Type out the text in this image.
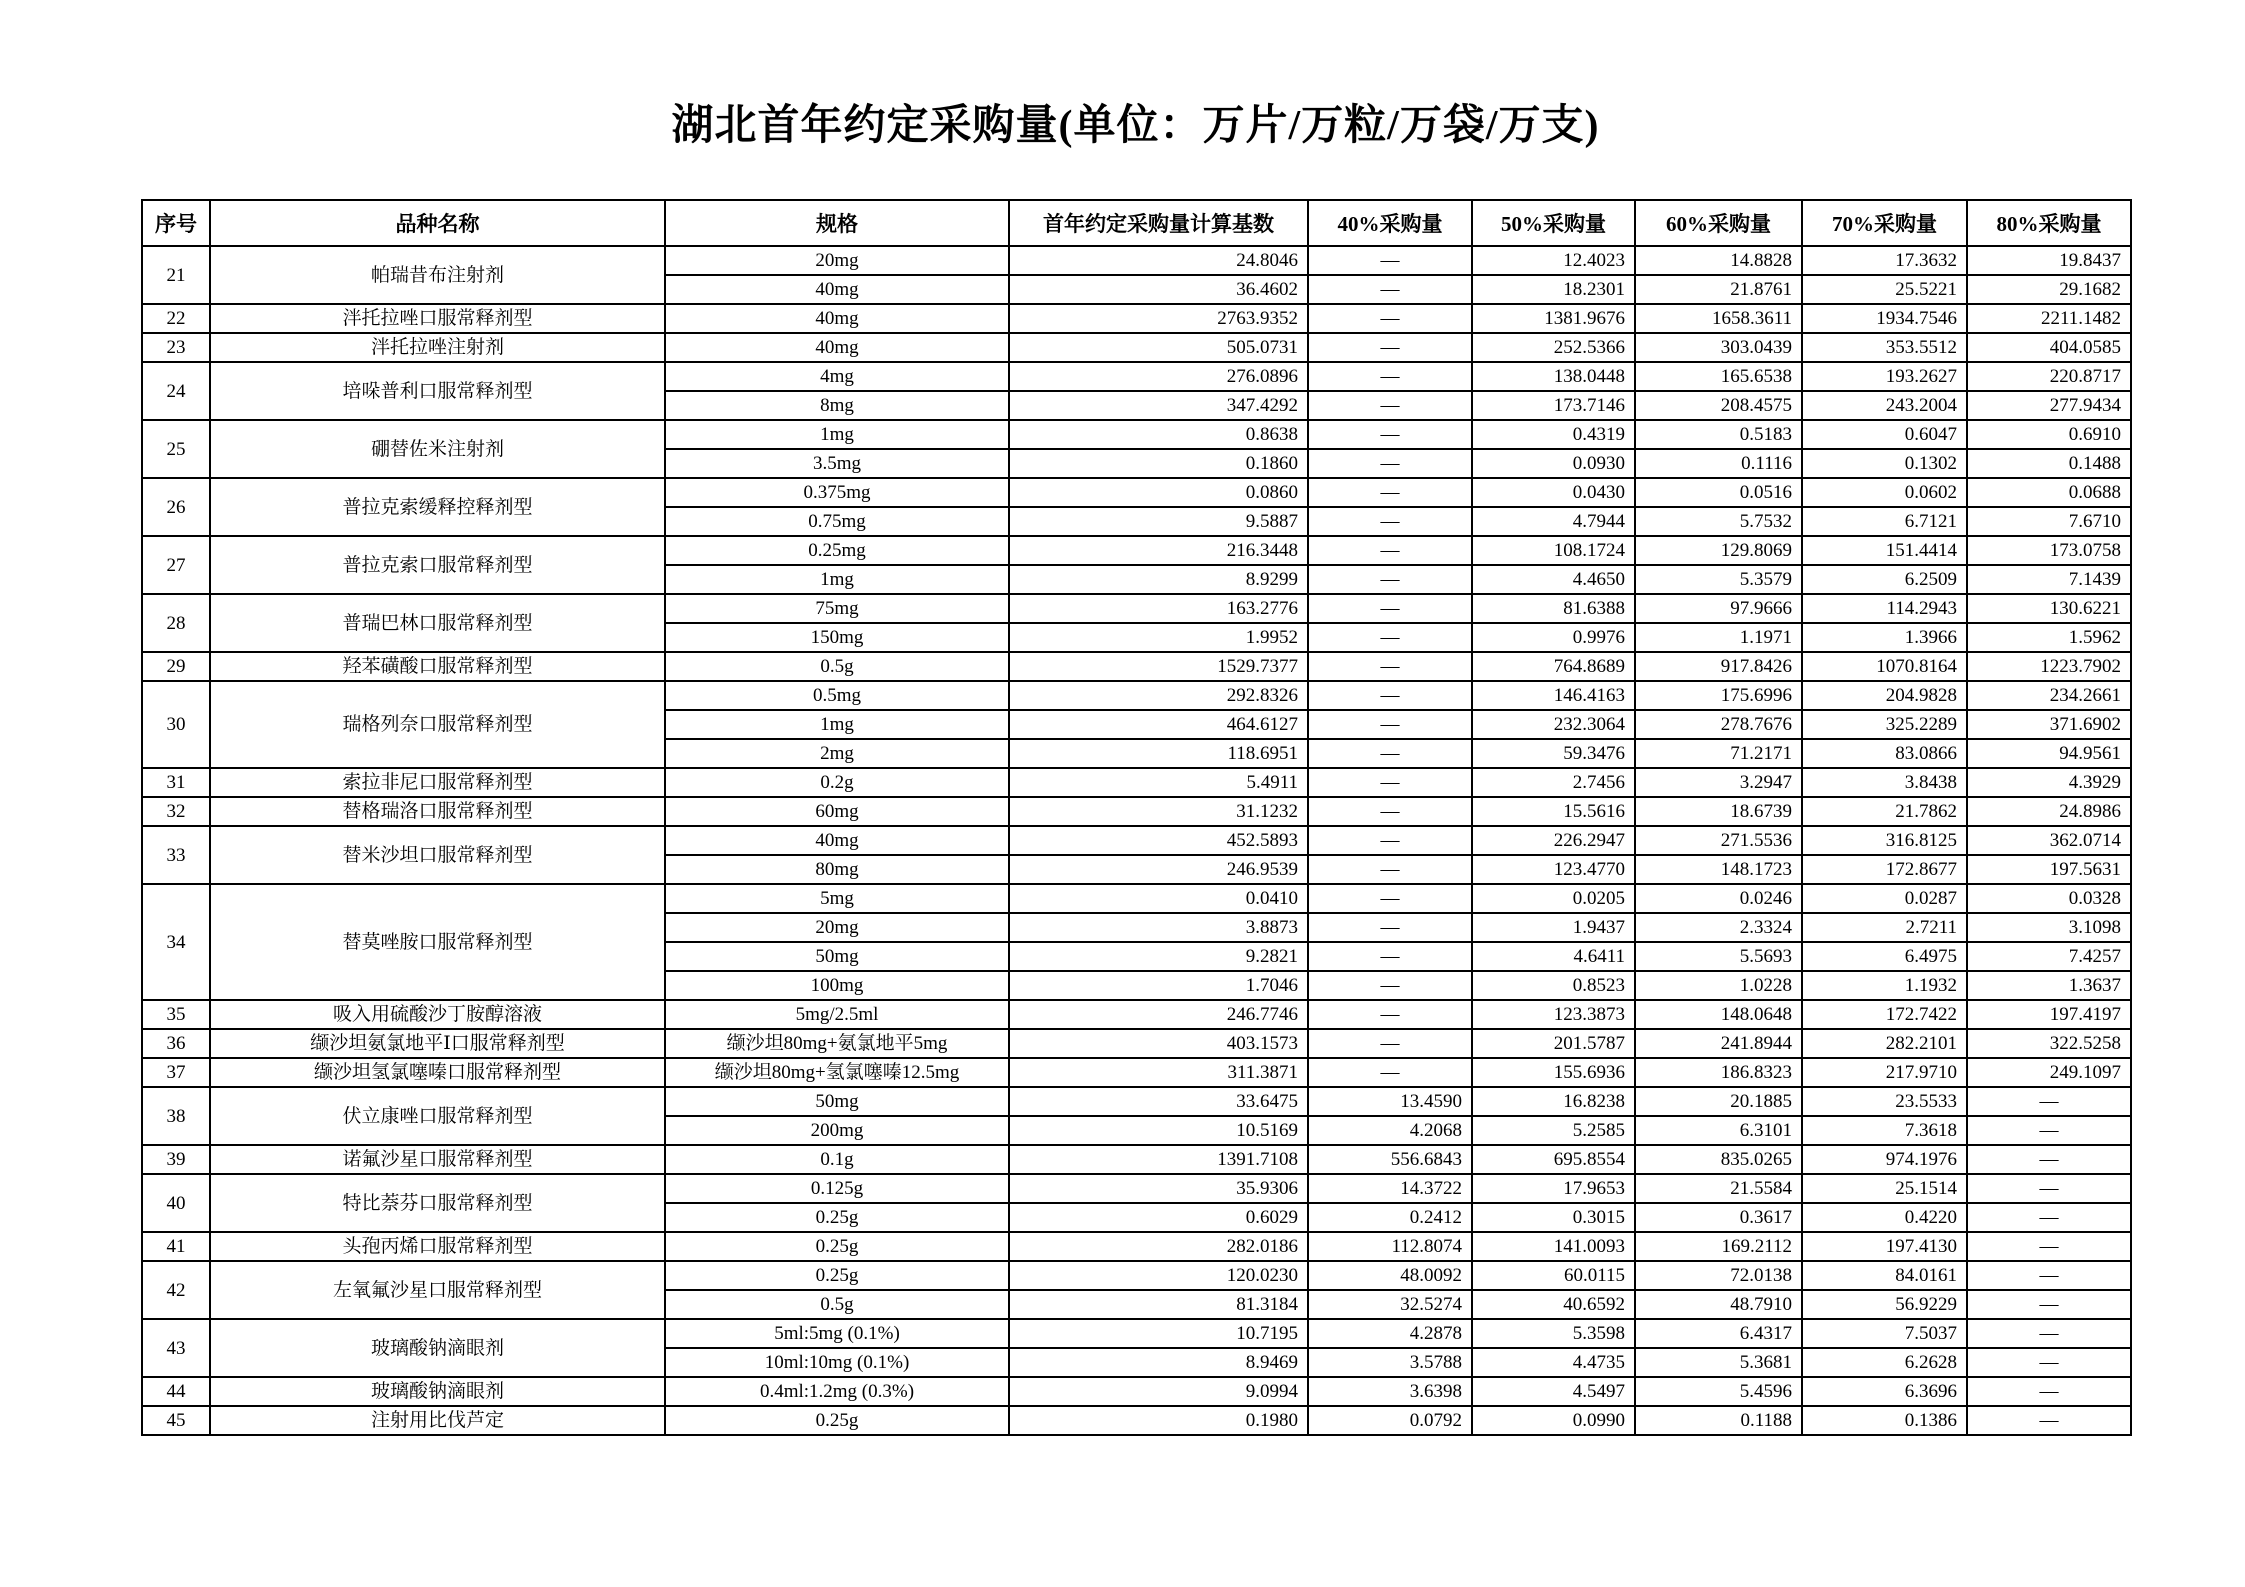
湖北首年约定采购量(单位：万片/万粒/万袋/万支)
序号	品种名称	规格	首年约定采购量计算基数	40%采购量	50%采购量	60%采购量	70%采购量	80%采购量
21	帕瑞昔布注射剂	20mg	24.8046	—	12.4023	14.8828	17.3632	19.8437
		40mg	36.4602	—	18.2301	21.8761	25.5221	29.1682
22	泮托拉唑口服常释剂型	40mg	2763.9352	—	1381.9676	1658.3611	1934.7546	2211.1482
23	泮托拉唑注射剂	40mg	505.0731	—	252.5366	303.0439	353.5512	404.0585
24	培哚普利口服常释剂型	4mg	276.0896	—	138.0448	165.6538	193.2627	220.8717
		8mg	347.4292	—	173.7146	208.4575	243.2004	277.9434
25	硼替佐米注射剂	1mg	0.8638	—	0.4319	0.5183	0.6047	0.6910
		3.5mg	0.1860	—	0.0930	0.1116	0.1302	0.1488
26	普拉克索缓释控释剂型	0.375mg	0.0860	—	0.0430	0.0516	0.0602	0.0688
		0.75mg	9.5887	—	4.7944	5.7532	6.7121	7.6710
27	普拉克索口服常释剂型	0.25mg	216.3448	—	108.1724	129.8069	151.4414	173.0758
		1mg	8.9299	—	4.4650	5.3579	6.2509	7.1439
28	普瑞巴林口服常释剂型	75mg	163.2776	—	81.6388	97.9666	114.2943	130.6221
		150mg	1.9952	—	0.9976	1.1971	1.3966	1.5962
29	羟苯磺酸口服常释剂型	0.5g	1529.7377	—	764.8689	917.8426	1070.8164	1223.7902
30	瑞格列奈口服常释剂型	0.5mg	292.8326	—	146.4163	175.6996	204.9828	234.2661
		1mg	464.6127	—	232.3064	278.7676	325.2289	371.6902
		2mg	118.6951	—	59.3476	71.2171	83.0866	94.9561
31	索拉非尼口服常释剂型	0.2g	5.4911	—	2.7456	3.2947	3.8438	4.3929
32	替格瑞洛口服常释剂型	60mg	31.1232	—	15.5616	18.6739	21.7862	24.8986
33	替米沙坦口服常释剂型	40mg	452.5893	—	226.2947	271.5536	316.8125	362.0714
		80mg	246.9539	—	123.4770	148.1723	172.8677	197.5631
34	替莫唑胺口服常释剂型	5mg	0.0410	—	0.0205	0.0246	0.0287	0.0328
		20mg	3.8873	—	1.9437	2.3324	2.7211	3.1098
		50mg	9.2821	—	4.6411	5.5693	6.4975	7.4257
		100mg	1.7046	—	0.8523	1.0228	1.1932	1.3637
35	吸入用硫酸沙丁胺醇溶液	5mg/2.5ml	246.7746	—	123.3873	148.0648	172.7422	197.4197
36	缬沙坦氨氯地平Ⅰ口服常释剂型	缬沙坦80mg+氨氯地平5mg	403.1573	—	201.5787	241.8944	282.2101	322.5258
37	缬沙坦氢氯噻嗪口服常释剂型	缬沙坦80mg+氢氯噻嗪12.5mg	311.3871	—	155.6936	186.8323	217.9710	249.1097
38	伏立康唑口服常释剂型	50mg	33.6475	13.4590	16.8238	20.1885	23.5533	—
		200mg	10.5169	4.2068	5.2585	6.3101	7.3618	—
39	诺氟沙星口服常释剂型	0.1g	1391.7108	556.6843	695.8554	835.0265	974.1976	—
40	特比萘芬口服常释剂型	0.125g	35.9306	14.3722	17.9653	21.5584	25.1514	—
		0.25g	0.6029	0.2412	0.3015	0.3617	0.4220	—
41	头孢丙烯口服常释剂型	0.25g	282.0186	112.8074	141.0093	169.2112	197.4130	—
42	左氧氟沙星口服常释剂型	0.25g	120.0230	48.0092	60.0115	72.0138	84.0161	—
		0.5g	81.3184	32.5274	40.6592	48.7910	56.9229	—
43	玻璃酸钠滴眼剂	5ml:5mg (0.1%)	10.7195	4.2878	5.3598	6.4317	7.5037	—
		10ml:10mg (0.1%)	8.9469	3.5788	4.4735	5.3681	6.2628	—
44	玻璃酸钠滴眼剂	0.4ml:1.2mg (0.3%)	9.0994	3.6398	4.5497	5.4596	6.3696	—
45	注射用比伐芦定	0.25g	0.1980	0.0792	0.0990	0.1188	0.1386	—
